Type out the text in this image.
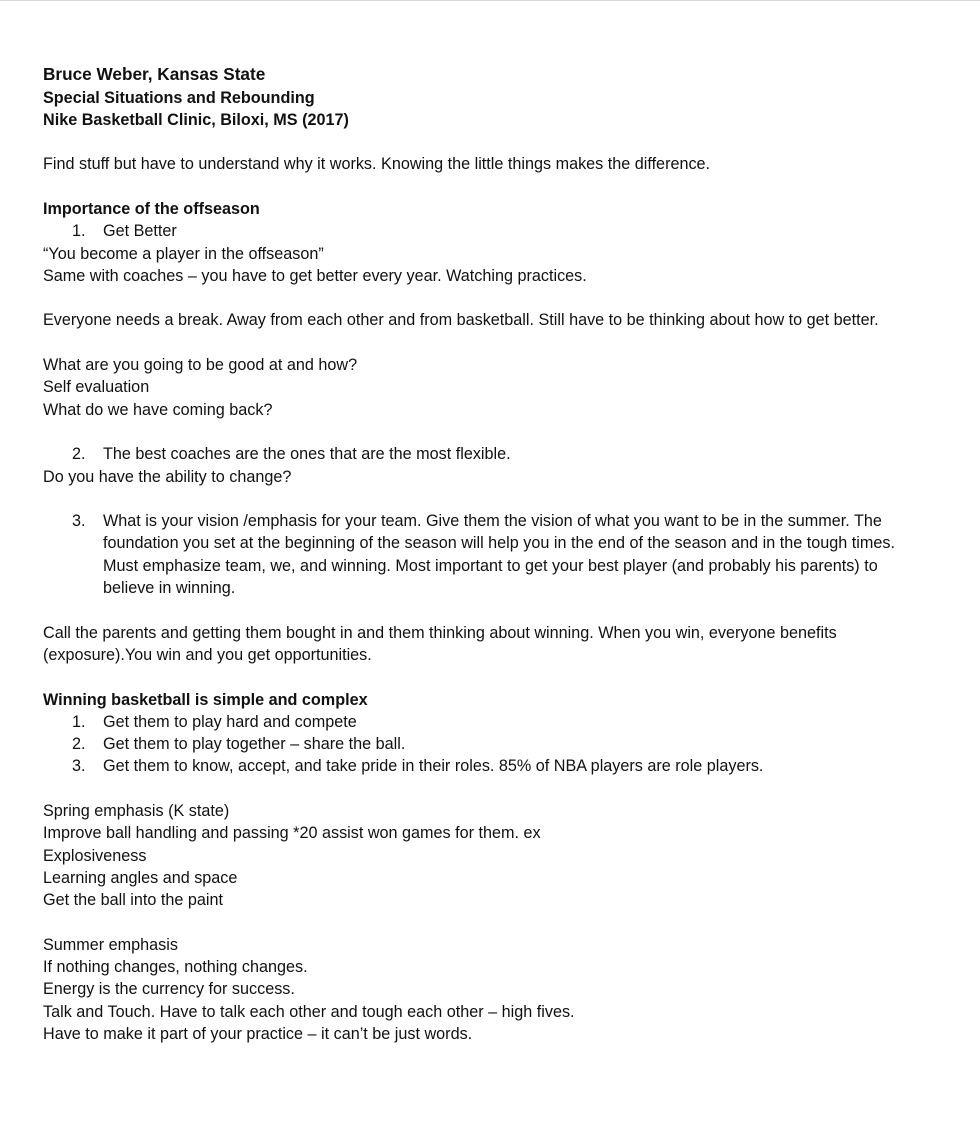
Bruce Weber, Kansas State

Special Situations and Rebounding

Nike Basketball Clinic, Biloxi, MS (2017)

Find stuff but have to understand why it works. Knowing the little things makes the difference.

Importance of the offseason

1.	Get Better

“You become a player in the offseason”

Same with coaches – you have to get better every year. Watching practices.

Everyone needs a break. Away from each other and from basketball. Still have to be thinking about how to get better.

What are you going to be good at and how?

Self evaluation

What do we have coming back?

2.	The best coaches are the ones that are the most flexible.

Do you have the ability to change?

3.	What is your vision /emphasis for your team. Give them the vision of what you want to be in the summer. The
foundation you set at the beginning of the season will help you in the end of the season and in the tough times.
Must emphasize team, we, and winning. Most important to get your best player (and probably his parents) to
believe in winning.

Call the parents and getting them bought in and them thinking about winning. When you win, everyone benefits

(exposure).You win and you get opportunities.

Winning basketball is simple and complex

1.	Get them to play hard and compete
2.	Get them to play together – share the ball.
3.	Get them to know, accept, and take pride in their roles. 85% of NBA players are role players.

Spring emphasis (K state)

Improve ball handling and passing *20 assist won games for them. ex

Explosiveness

Learning angles and space

Get the ball into the paint

Summer emphasis

If nothing changes, nothing changes.

Energy is the currency for success.

Talk and Touch. Have to talk each other and tough each other – high fives.

Have to make it part of your practice – it can’t be just words.
